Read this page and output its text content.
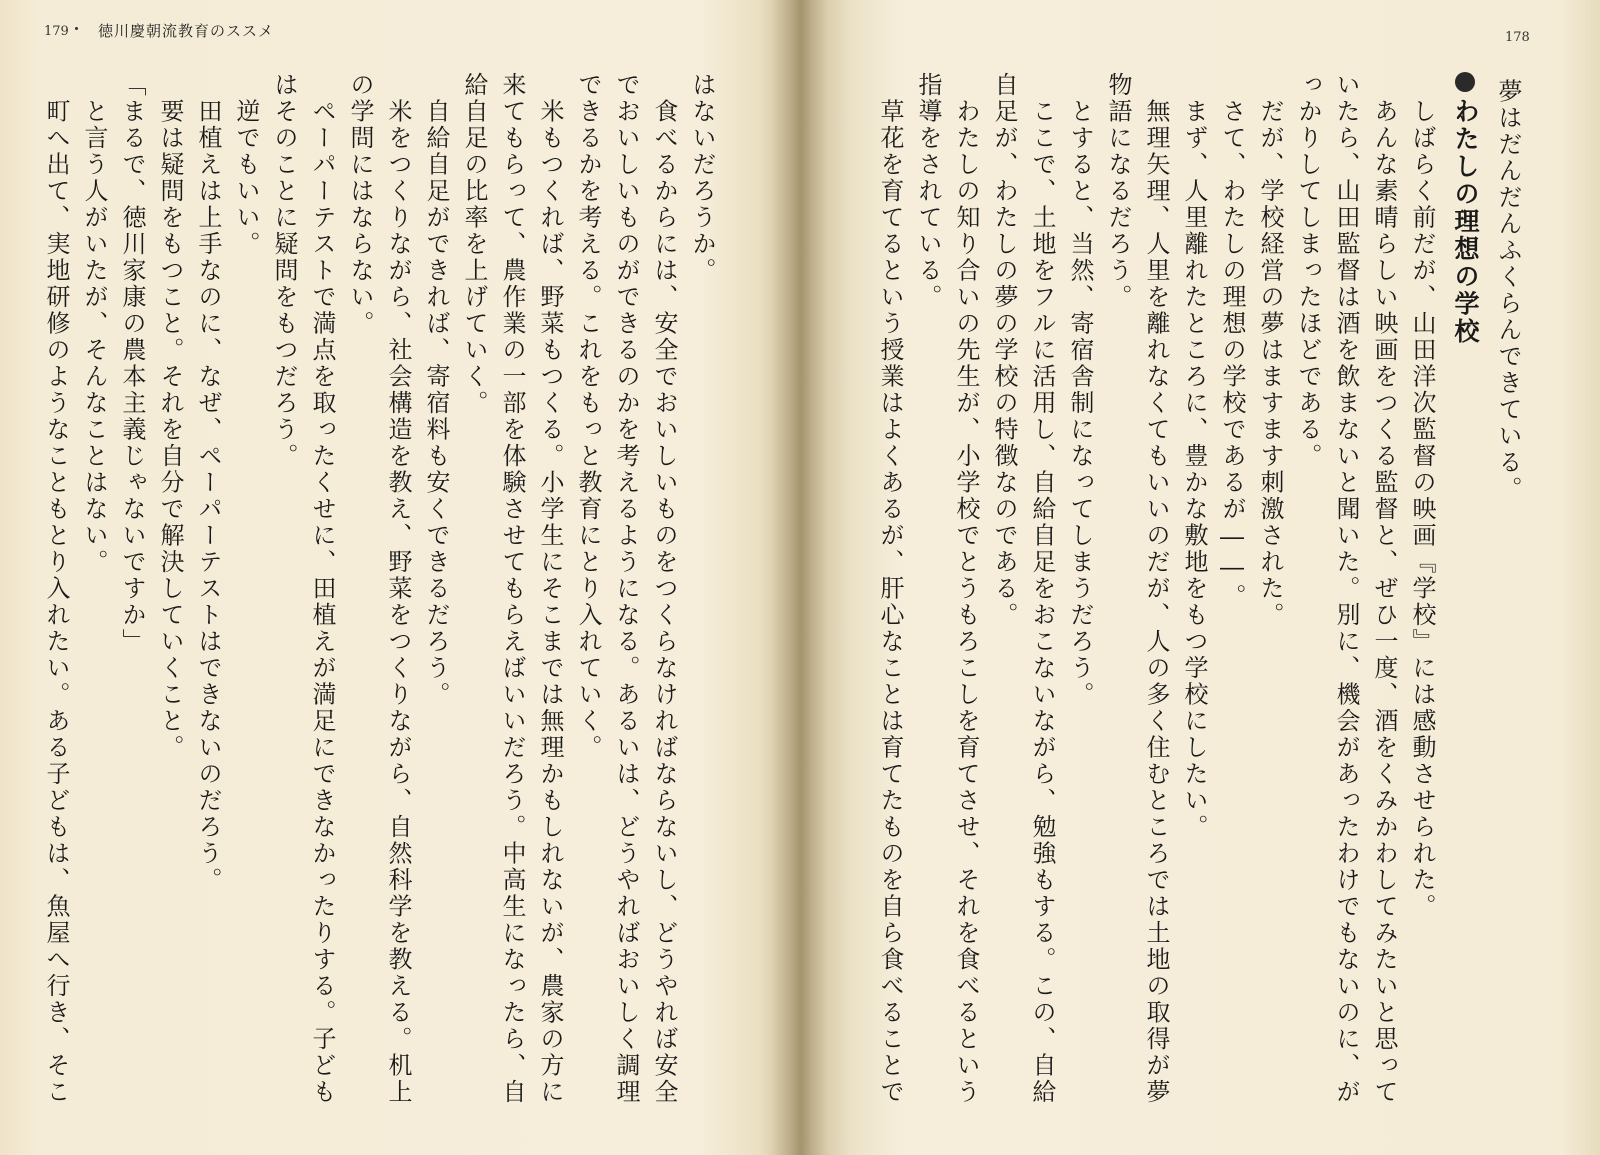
179	徳川慶朝流教育のススメ
はないだろうか。
　食べるからには、安全でおいしいものをつくらなければならないし、どうやれば安全
でおいしいものができるのかを考えるようになる。あるいは、どうやればおいしく調理
できるかを考える。これをもっと教育にとり入れていく。
　米もつくれば、野菜もつくる。小学生にそこまでは無理かもしれないが、農家の方に
来てもらって、農作業の一部を体験させてもらえばいいだろう。中高生になったら、自
給自足の比率を上げていく。
　自給自足ができれば、寄宿料も安くできるだろう。
　米をつくりながら、社会構造を教え、野菜をつくりながら、自然科学を教える。机上
の学問にはならない。
　ペーパーテストで満点を取ったくせに、田植えが満足にできなかったりする。子ども
はそのことに疑問をもつだろう。
　逆でもいい。
　田植えは上手なのに、なぜ、ペーパーテストはできないのだろう。
　要は疑問をもつこと。それを自分で解決していくこと。
「まるで、徳川家康の農本主義じゃないですか」
　と言う人がいたが、そんなことはない。
　町へ出て、実地研修のようなこともとり入れたい。ある子どもは、魚屋へ行き、そこ
178
　夢はだんだんふくらんできている。
わたしの理想の学校
　しばらく前だが、山田洋次監督の映画『学校』には感動させられた。
　あんな素晴らしい映画をつくる監督と、ぜひ一度、酒をくみかわしてみたいと思って
いたら、山田監督は酒を飲まないと聞いた。別に、機会があったわけでもないのに、が
っかりしてしまったほどである。
　だが、学校経営の夢はますます刺激された。
　さて、わたしの理想の学校であるが――。
　まず、人里離れたところに、豊かな敷地をもつ学校にしたい。
　無理矢理、人里を離れなくてもいいのだが、人の多く住むところでは土地の取得が夢
物語になるだろう。
　とすると、当然、寄宿舎制になってしまうだろう。
　ここで、土地をフルに活用し、自給自足をおこないながら、勉強もする。この、自給
自足が、わたしの夢の学校の特徴なのである。
　わたしの知り合いの先生が、小学校でとうもろこしを育てさせ、それを食べるという
指導をされている。
　草花を育てるという授業はよくあるが、肝心なことは育てたものを自ら食べることで
